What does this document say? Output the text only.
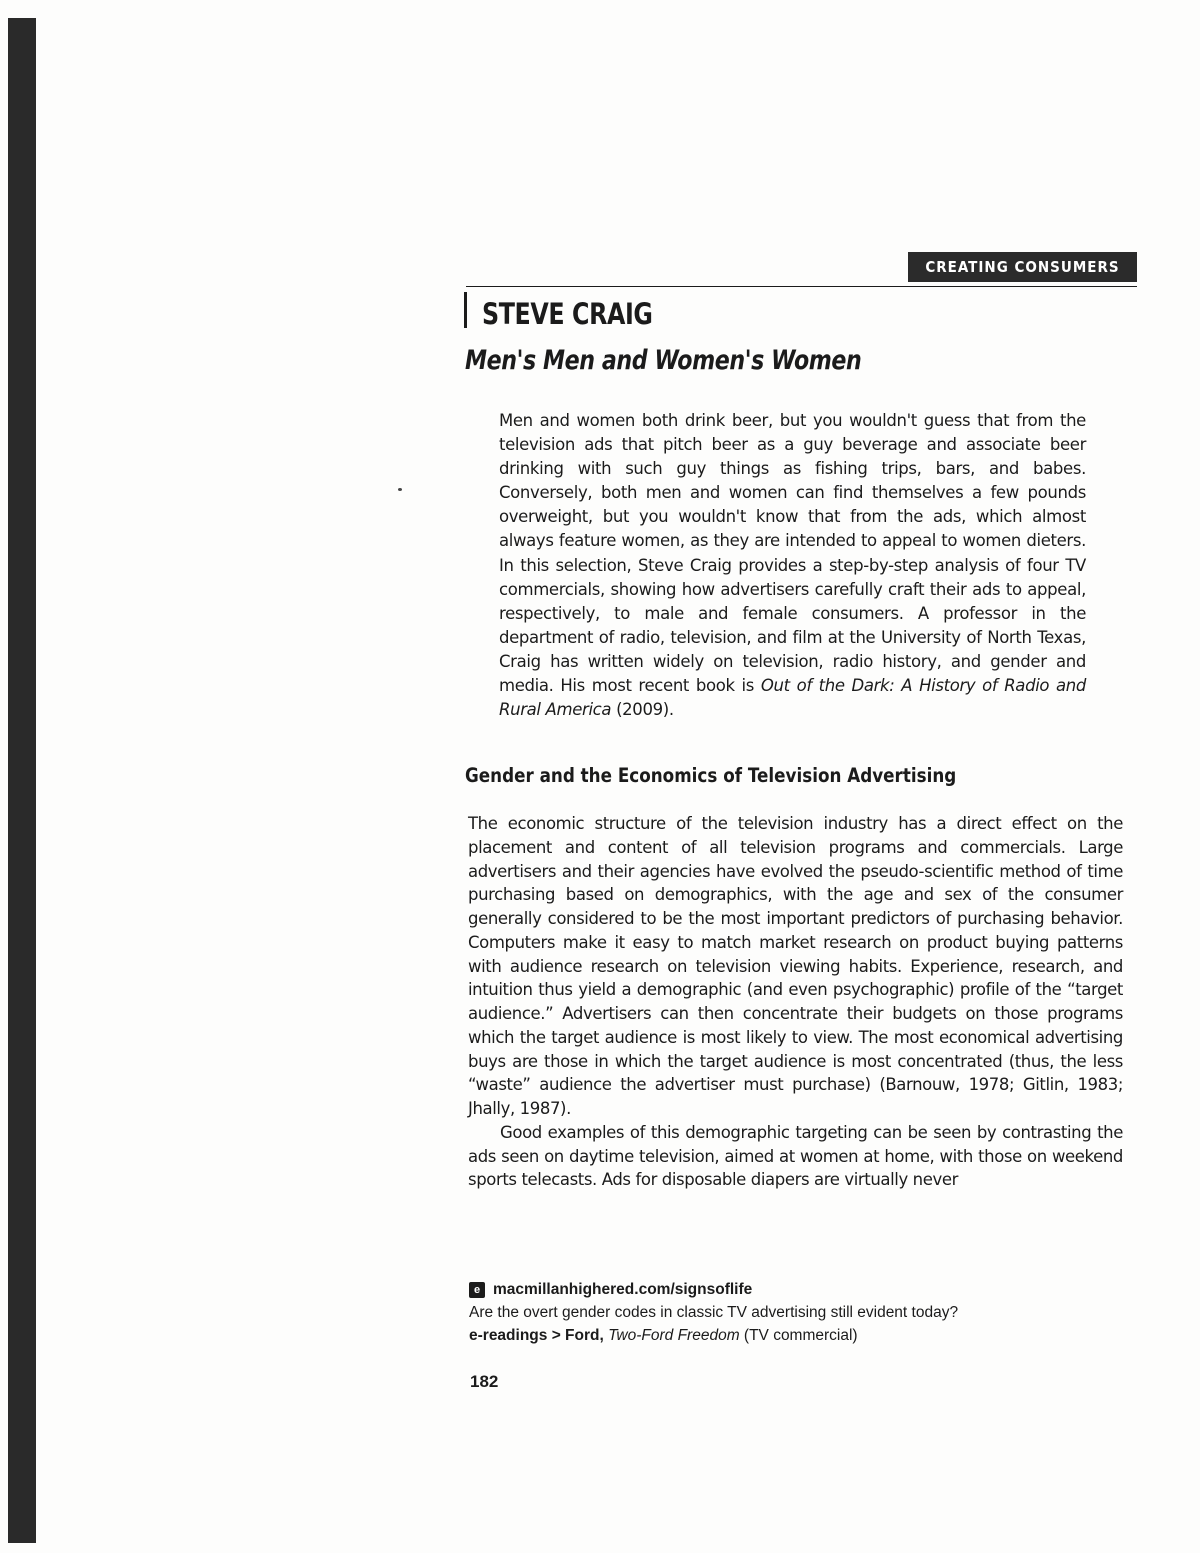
CREATING CONSUMERS
STEVE CRAIG
Men's Men and Women's Women

Men and women both drink beer, but you wouldn't guess that from the television ads that pitch beer as a guy beverage and associate beer drinking with such guy things as fishing trips, bars, and babes. Conversely, both men and women can find themselves a few pounds overweight, but you wouldn't know that from the ads, which almost always feature women, as they are intended to appeal to women dieters. In this selection, Steve Craig provides a step-by-step analysis of four TV commercials, showing how advertisers carefully craft their ads to appeal, respectively, to male and female consumers. A professor in the department of radio, television, and film at the University of North Texas, Craig has written widely on television, radio history, and gender and media. His most recent book is Out of the Dark: A History of Radio and Rural America (2009).

Gender and the Economics of Television Advertising

The economic structure of the television industry has a direct effect on the placement and content of all television programs and commercials. Large advertisers and their agencies have evolved the pseudo-scientific method of time purchasing based on demographics, with the age and sex of the consumer generally considered to be the most important predictors of purchasing behavior. Computers make it easy to match market research on product buying patterns with audience research on television viewing habits. Experience, research, and intuition thus yield a demographic (and even psychographic) profile of the “target audience.” Advertisers can then concentrate their budgets on those programs which the target audience is most likely to view. The most economical advertising buys are those in which the target audience is most concentrated (thus, the less “waste” audience the advertiser must purchase) (Barnouw, 1978; Gitlin, 1983; Jhally, 1987).

Good examples of this demographic targeting can be seen by contrasting the ads seen on daytime television, aimed at women at home, with those on weekend sports telecasts. Ads for disposable diapers are virtually never

e macmillanhighered.com/signsoflife
Are the overt gender codes in classic TV advertising still evident today?
e-readings > Ford, Two-Ford Freedom (TV commercial)
182
